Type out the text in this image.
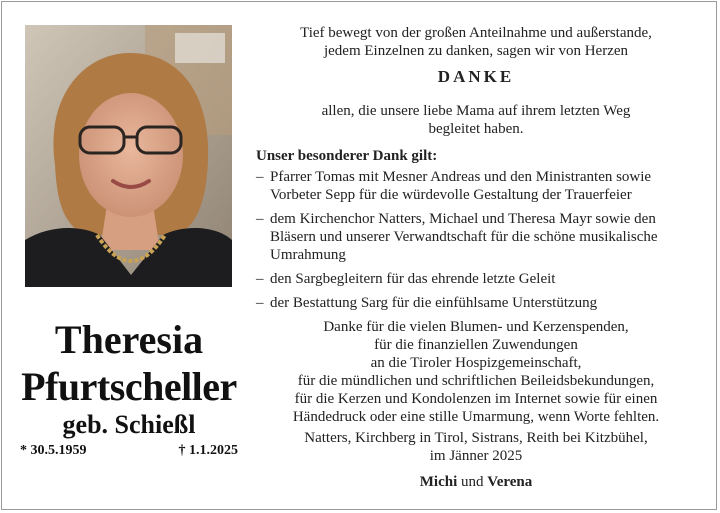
Theresia
Pfurtscheller
geb. Schießl
* 30.5.1959	† 1.1.2025
Tief bewegt von der großen Anteilnahme und außerstande,
jedem Einzelnen zu danken, sagen wir von Herzen
DANKE
allen, die unsere liebe Mama auf ihrem letzten Weg
begleitet haben.
Unser besonderer Dank gilt:
– Pfarrer Tomas mit Mesner Andreas und den Ministranten sowie Vorbeter Sepp für die würdevolle Gestaltung der Trauerfeier
– dem Kirchenchor Natters, Michael und Theresa Mayr sowie den Bläsern und unserer Verwandtschaft für die schöne musikalische Umrahmung
– den Sargbegleitern für das ehrende letzte Geleit
– der Bestattung Sarg für die einfühlsame Unterstützung
Danke für die vielen Blumen- und Kerzenspenden,
für die finanziellen Zuwendungen
an die Tiroler Hospizgemeinschaft,
für die mündlichen und schriftlichen Beileidsbekundungen,
für die Kerzen und Kondolenzen im Internet sowie für einen
Händedruck oder eine stille Umarmung, wenn Worte fehlten.
Natters, Kirchberg in Tirol, Sistrans, Reith bei Kitzbühel,
im Jänner 2025
Michi und Verena
